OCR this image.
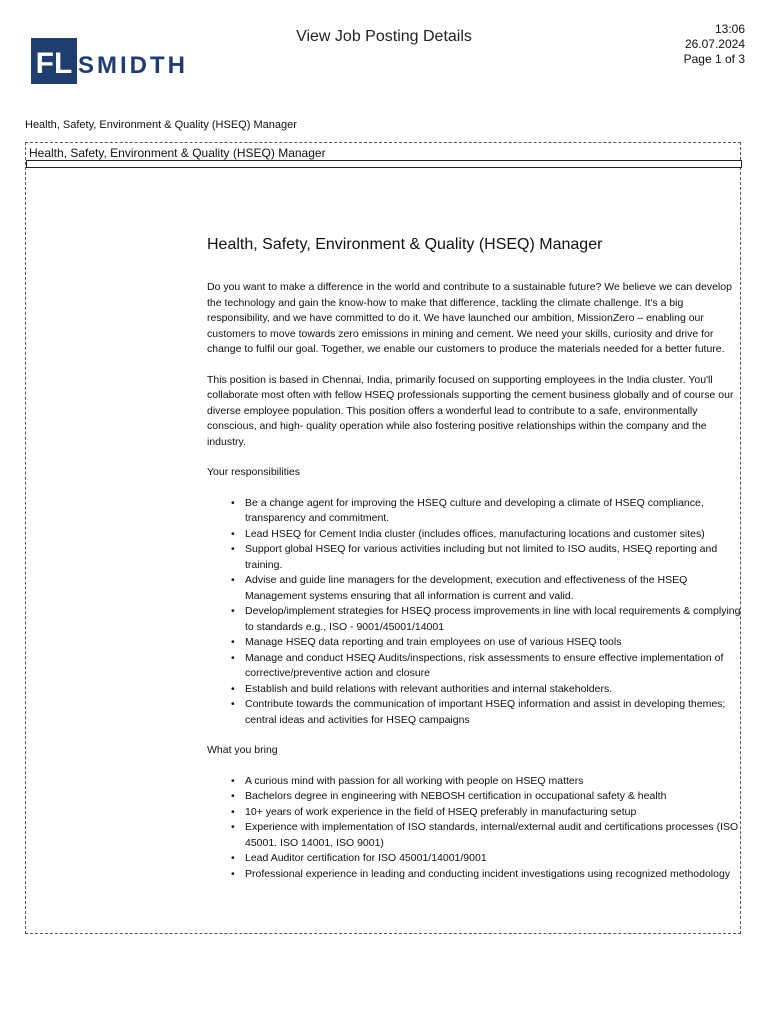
FL SMIDTH
View Job Posting Details	13:06
26.07.2024
Page 1 of 3
Health, Safety, Environment & Quality (HSEQ) Manager
Health, Safety, Environment & Quality (HSEQ) Manager
Health, Safety, Environment & Quality (HSEQ) Manager

Do you want to make a difference in the world and contribute to a sustainable future? We believe we can develop the technology and gain the know-how to make that difference, tackling the climate challenge. It's a big responsibility, and we have committed to do it. We have launched our ambition, MissionZero – enabling our customers to move towards zero emissions in mining and cement. We need your skills, curiosity and drive for change to fulfil our goal. Together, we enable our customers to produce the materials needed for a better future.

This position is based in Chennai, India, primarily focused on supporting employees in the India cluster. You'll collaborate most often with fellow HSEQ professionals supporting the cement business globally and of course our diverse employee population. This position offers a wonderful lead to contribute to a safe, environmentally conscious, and high- quality operation while also fostering positive relationships within the company and the industry.

Your responsibilities

• Be a change agent for improving the HSEQ culture and developing a climate of HSEQ compliance, transparency and commitment.
• Lead HSEQ for Cement India cluster (includes offices, manufacturing locations and customer sites)
• Support global HSEQ for various activities including but not limited to ISO audits, HSEQ reporting and training.
• Advise and guide line managers for the development, execution and effectiveness of the HSEQ Management systems ensuring that all information is current and valid.
• Develop/implement strategies for HSEQ process improvements in line with local requirements & complying to standards e.g., ISO - 9001/45001/14001
• Manage HSEQ data reporting and train employees on use of various HSEQ tools
• Manage and conduct HSEQ Audits/inspections, risk assessments to ensure effective implementation of corrective/preventive action and closure
• Establish and build relations with relevant authorities and internal stakeholders.
• Contribute towards the communication of important HSEQ information and assist in developing themes; central ideas and activities for HSEQ campaigns

What you bring

• A curious mind with passion for all working with people on HSEQ matters
• Bachelors degree in engineering with NEBOSH certification in occupational safety & health
• 10+ years of work experience in the field of HSEQ preferably in manufacturing setup
• Experience with implementation of ISO standards, internal/external audit and certifications processes (ISO 45001. ISO 14001, ISO 9001)
• Lead Auditor certification for ISO 45001/14001/9001
• Professional experience in leading and conducting incident investigations using recognized methodology
